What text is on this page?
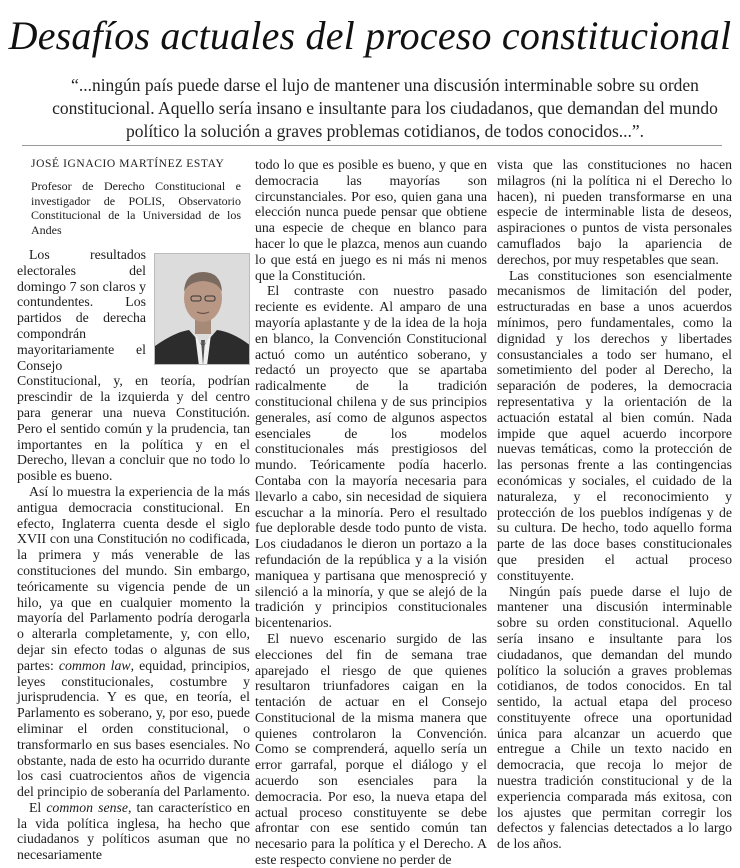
Desafíos actuales del proceso constitucional
“...ningún país puede darse el lujo de mantener una discusión interminable sobre su orden constitucional. Aquello sería insano e insultante para los ciudadanos, que demandan del mundo político la solución a graves problemas cotidianos, de todos conocidos...”.
JOSÉ IGNACIO MARTÍNEZ ESTAY
Profesor de Derecho Constitucional e investigador de POLIS, Observatorio Constitucional de la Universidad de los Andes

Los resultados electorales del domingo 7 son claros y contundentes. Los partidos de derecha compondrán mayoritariamente el Consejo Constitucional, y, en teoría, podrían prescindir de la izquierda y del centro para generar una nueva Constitución. Pero el sentido común y la prudencia, tan importantes en la política y en el Derecho, llevan a concluir que no todo lo posible es bueno.

Así lo muestra la experiencia de la más antigua democracia constitucional. En efecto, Inglaterra cuenta desde el siglo XVII con una Constitución no codificada, la primera y más venerable de las constituciones del mundo. Sin embargo, teóricamente su vigencia pende de un hilo, ya que en cualquier momento la mayoría del Parlamento podría derogarla o alterarla completamente, y, con ello, dejar sin efecto todas o algunas de sus partes: common law, equidad, principios, leyes constitucionales, costumbre y jurisprudencia. Y es que, en teoría, el Parlamento es soberano, y, por eso, puede eliminar el orden constitucional, o transformarlo en sus bases esenciales. No obstante, nada de esto ha ocurrido durante los casi cuatrocientos años de vigencia del principio de soberanía del Parlamento.

El common sense, tan característico en la vida política inglesa, ha hecho que ciudadanos y políticos asuman que no necesariamente

todo lo que es posible es bueno, y que en democracia las mayorías son circunstanciales. Por eso, quien gana una elección nunca puede pensar que obtiene una especie de cheque en blanco para hacer lo que le plazca, menos aun cuando lo que está en juego es ni más ni menos que la Constitución.

El contraste con nuestro pasado reciente es evidente. Al amparo de una mayoría aplastante y de la idea de la hoja en blanco, la Convención Constitucional actuó como un auténtico soberano, y redactó un proyecto que se apartaba radicalmente de la tradición constitucional chilena y de sus principios generales, así como de algunos aspectos esenciales de los modelos constitucionales más prestigiosos del mundo. Teóricamente podía hacerlo. Contaba con la mayoría necesaria para llevarlo a cabo, sin necesidad de siquiera escuchar a la minoría. Pero el resultado fue deplorable desde todo punto de vista. Los ciudadanos le dieron un portazo a la refundación de la república y a la visión maniquea y partisana que menospreció y silenció a la minoría, y que se alejó de la tradición y principios constitucionales bicentenarios.

El nuevo escenario surgido de las elecciones del fin de semana trae aparejado el riesgo de que quienes resultaron triunfadores caigan en la tentación de actuar en el Consejo Constitucional de la misma manera que quienes controlaron la Convención. Como se comprenderá, aquello sería un error garrafal, porque el diálogo y el acuerdo son esenciales para la democracia. Por eso, la nueva etapa del actual proceso constituyente se debe afrontar con ese sentido común tan necesario para la política y el Derecho. A este respecto conviene no perder de

vista que las constituciones no hacen milagros (ni la política ni el Derecho lo hacen), ni pueden transformarse en una especie de interminable lista de deseos, aspiraciones o puntos de vista personales camuflados bajo la apariencia de derechos, por muy respetables que sean.

Las constituciones son esencialmente mecanismos de limitación del poder, estructuradas en base a unos acuerdos mínimos, pero fundamentales, como la dignidad y los derechos y libertades consustanciales a todo ser humano, el sometimiento del poder al Derecho, la separación de poderes, la democracia representativa y la orientación de la actuación estatal al bien común. Nada impide que aquel acuerdo incorpore nuevas temáticas, como la protección de las personas frente a las contingencias económicas y sociales, el cuidado de la naturaleza, y el reconocimiento y protección de los pueblos indígenas y de su cultura. De hecho, todo aquello forma parte de las doce bases constitucionales que presiden el actual proceso constituyente.

Ningún país puede darse el lujo de mantener una discusión interminable sobre su orden constitucional. Aquello sería insano e insultante para los ciudadanos, que demandan del mundo político la solución a graves problemas cotidianos, de todos conocidos. En tal sentido, la actual etapa del proceso constituyente ofrece una oportunidad única para alcanzar un acuerdo que entregue a Chile un texto nacido en democracia, que recoja lo mejor de nuestra tradición constitucional y de la experiencia comparada más exitosa, con los ajustes que permitan corregir los defectos y falencias detectados a lo largo de los años.
